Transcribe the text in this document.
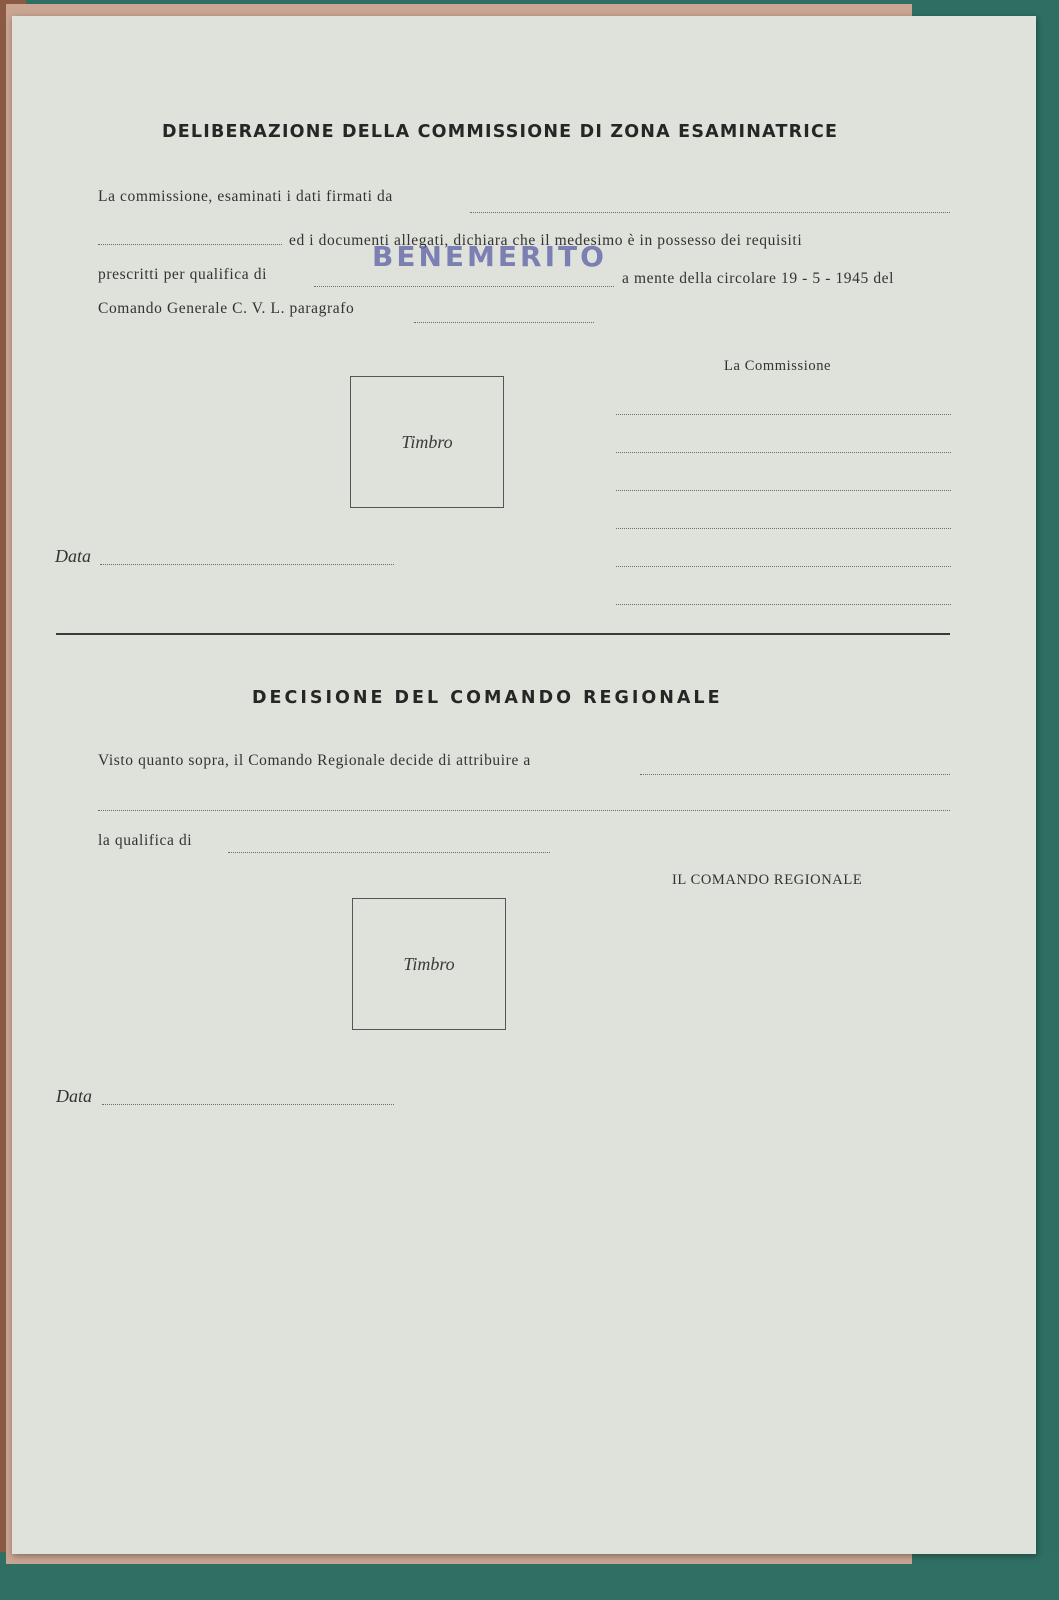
DELIBERAZIONE DELLA COMMISSIONE DI ZONA ESAMINATRICE
La commissione, esaminati i dati firmati da
ed i documenti allegati, dichiara che il medesimo è in possesso dei requisiti
BENEMERITO
prescritti per qualifica di	a mente della circolare 19 - 5 - 1945 del
Comando Generale C. V. L. paragrafo
Timbro
La Commissione
Data
DECISIONE DEL COMANDO REGIONALE
Visto quanto sopra, il Comando Regionale decide di attribuire a
la qualifica di
IL COMANDO REGIONALE
Timbro
Data
